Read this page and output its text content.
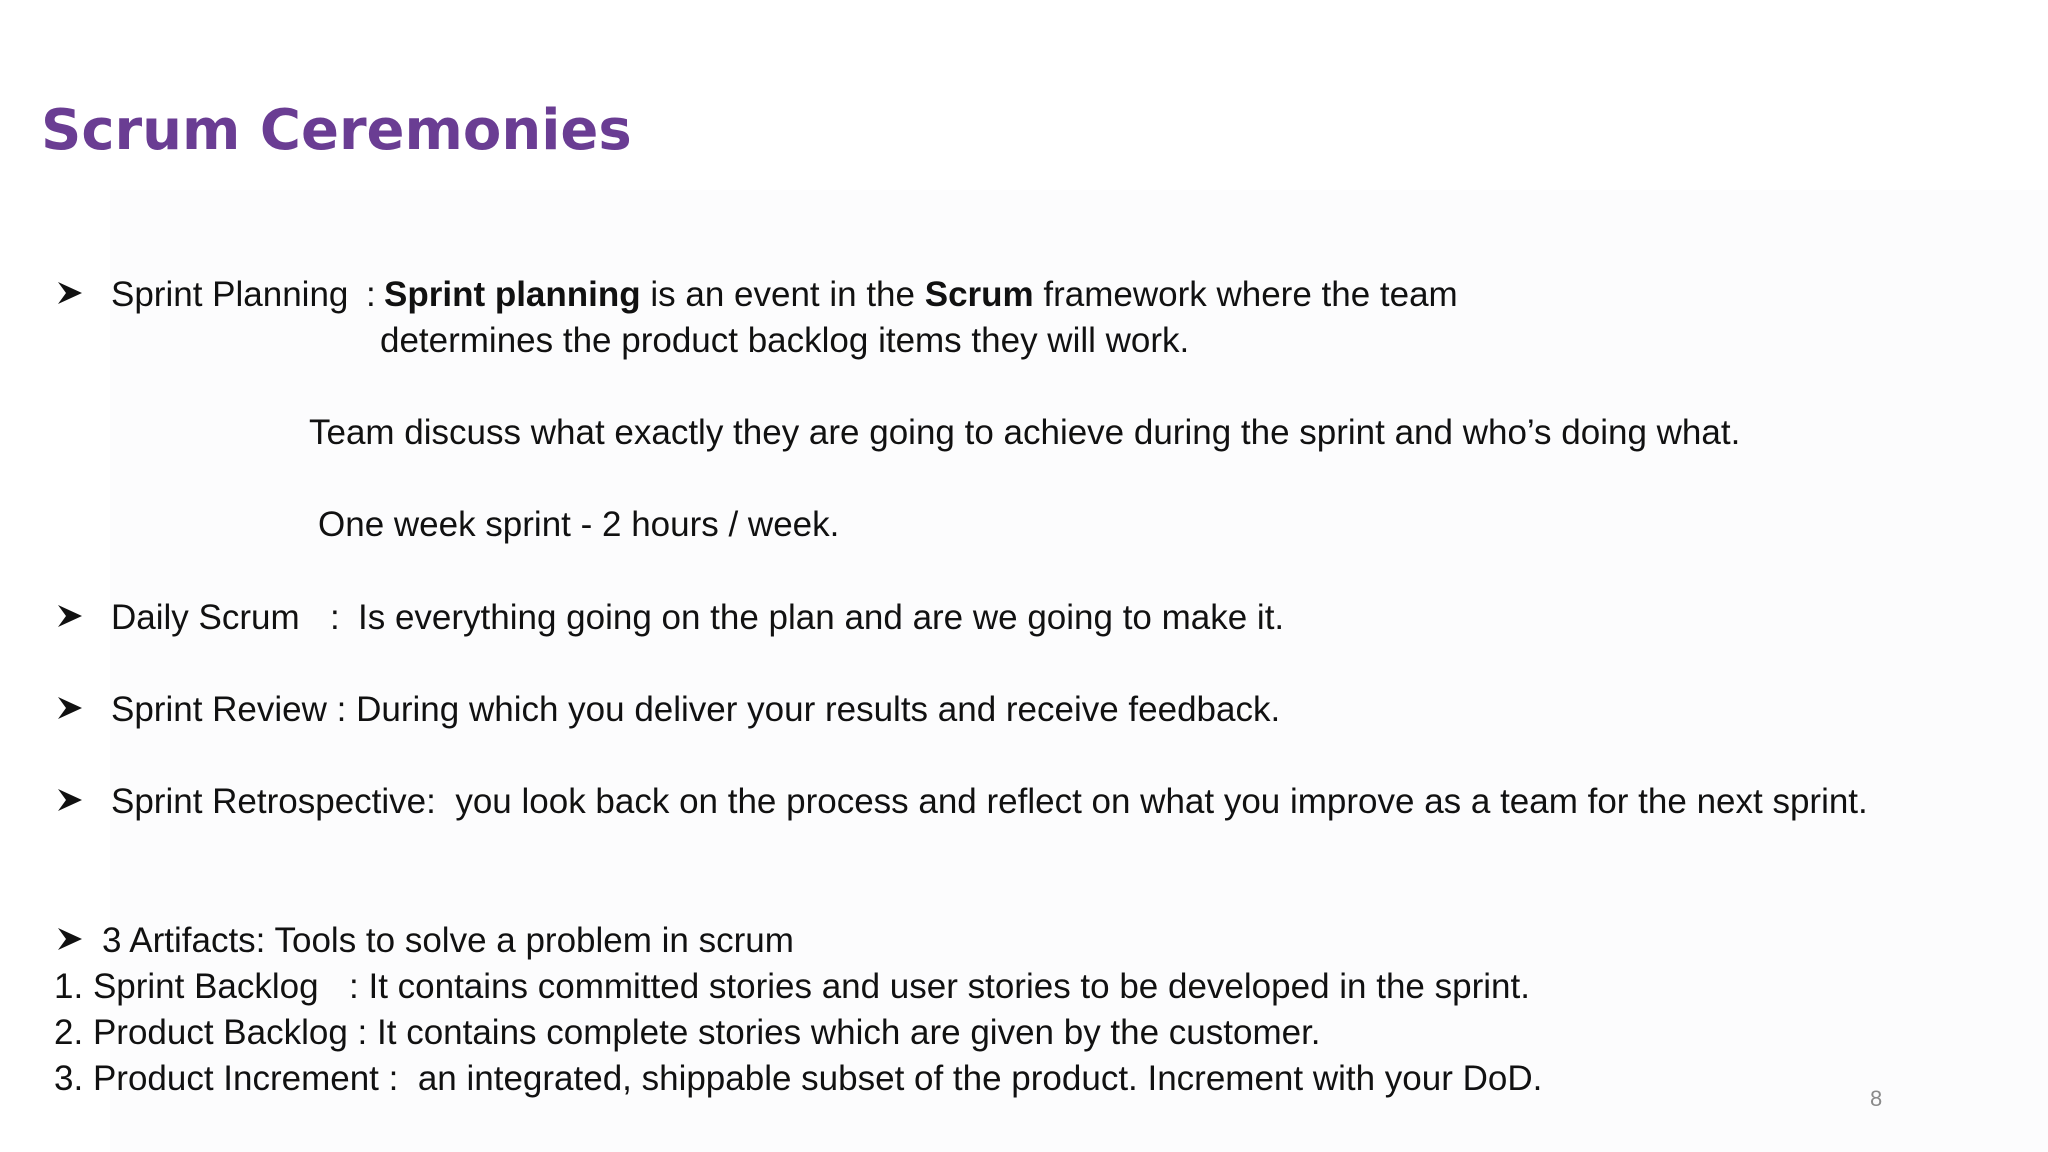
Scrum Ceremonies
Sprint Planning : Sprint planning is an event in the Scrum framework where the team
determines the product backlog items they will work.
Team discuss what exactly they are going to achieve during the sprint and who’s doing what.
One week sprint - 2 hours / week.
Daily Scrum : Is everything going on the plan and are we going to make it.
Sprint Review : During which you deliver your results and receive feedback.
Sprint Retrospective: you look back on the process and reflect on what you improve as a team for the next sprint.
3 Artifacts: Tools to solve a problem in scrum
1. Sprint Backlog : It contains committed stories and user stories to be developed in the sprint.
2. Product Backlog : It contains complete stories which are given by the customer.
3. Product Increment : an integrated, shippable subset of the product. Increment with your DoD.
8
